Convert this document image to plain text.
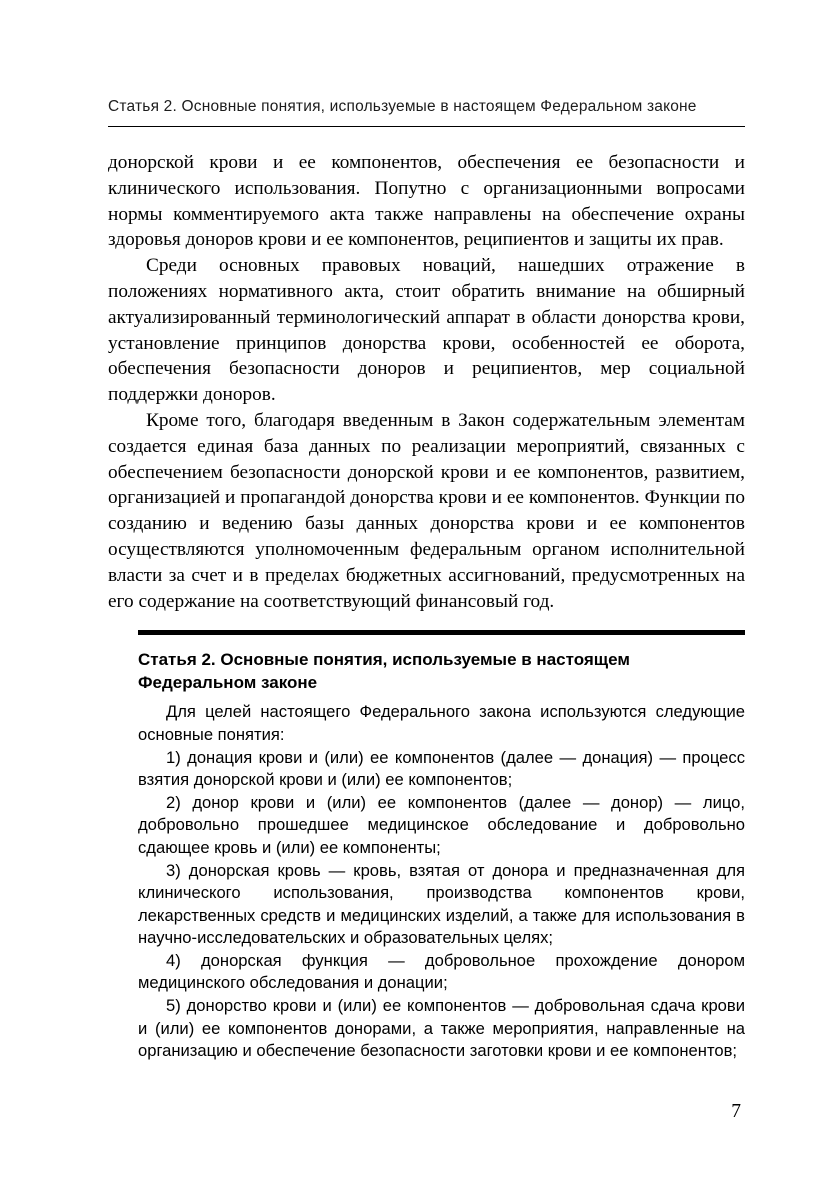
Статья 2. Основные понятия, используемые в настоящем Федеральном законе

донорской крови и ее компонентов, обеспечения ее безопасности и клинического использования. Попутно с организационными вопросами нормы комментируемого акта также направлены на обеспечение охраны здоровья доноров крови и ее компонентов, реципиентов и защиты их прав.

Среди основных правовых новаций, нашедших отражение в положениях нормативного акта, стоит обратить внимание на обширный актуализированный терминологический аппарат в области донорства крови, установление принципов донорства крови, особенностей ее оборота, обеспечения безопасности доноров и реципиентов, мер социальной поддержки доноров.

Кроме того, благодаря введенным в Закон содержательным элементам создается единая база данных по реализации мероприятий, связанных с обеспечением безопасности донорской крови и ее компонентов, развитием, организацией и пропагандой донорства крови и ее компонентов. Функции по созданию и ведению базы данных донорства крови и ее компонентов осуществляются уполномоченным федеральным органом исполнительной власти за счет и в пределах бюджетных ассигнований, предусмотренных на его содержание на соответствующий финансовый год.

Статья 2. Основные понятия, используемые в настоящем Федеральном законе

Для целей настоящего Федерального закона используются следующие основные понятия:

1) донация крови и (или) ее компонентов (далее — донация) — процесс взятия донорской крови и (или) ее компонентов;

2) донор крови и (или) ее компонентов (далее — донор) — лицо, добровольно прошедшее медицинское обследование и добровольно сдающее кровь и (или) ее компоненты;

3) донорская кровь — кровь, взятая от донора и предназначенная для клинического использования, производства компонентов крови, лекарственных средств и медицинских изделий, а также для использования в научно-исследовательских и образовательных целях;

4) донорская функция — добровольное прохождение донором медицинского обследования и донации;

5) донорство крови и (или) ее компонентов — добровольная сдача крови и (или) ее компонентов донорами, а также мероприятия, направленные на организацию и обеспечение безопасности заготовки крови и ее компонентов;

7
